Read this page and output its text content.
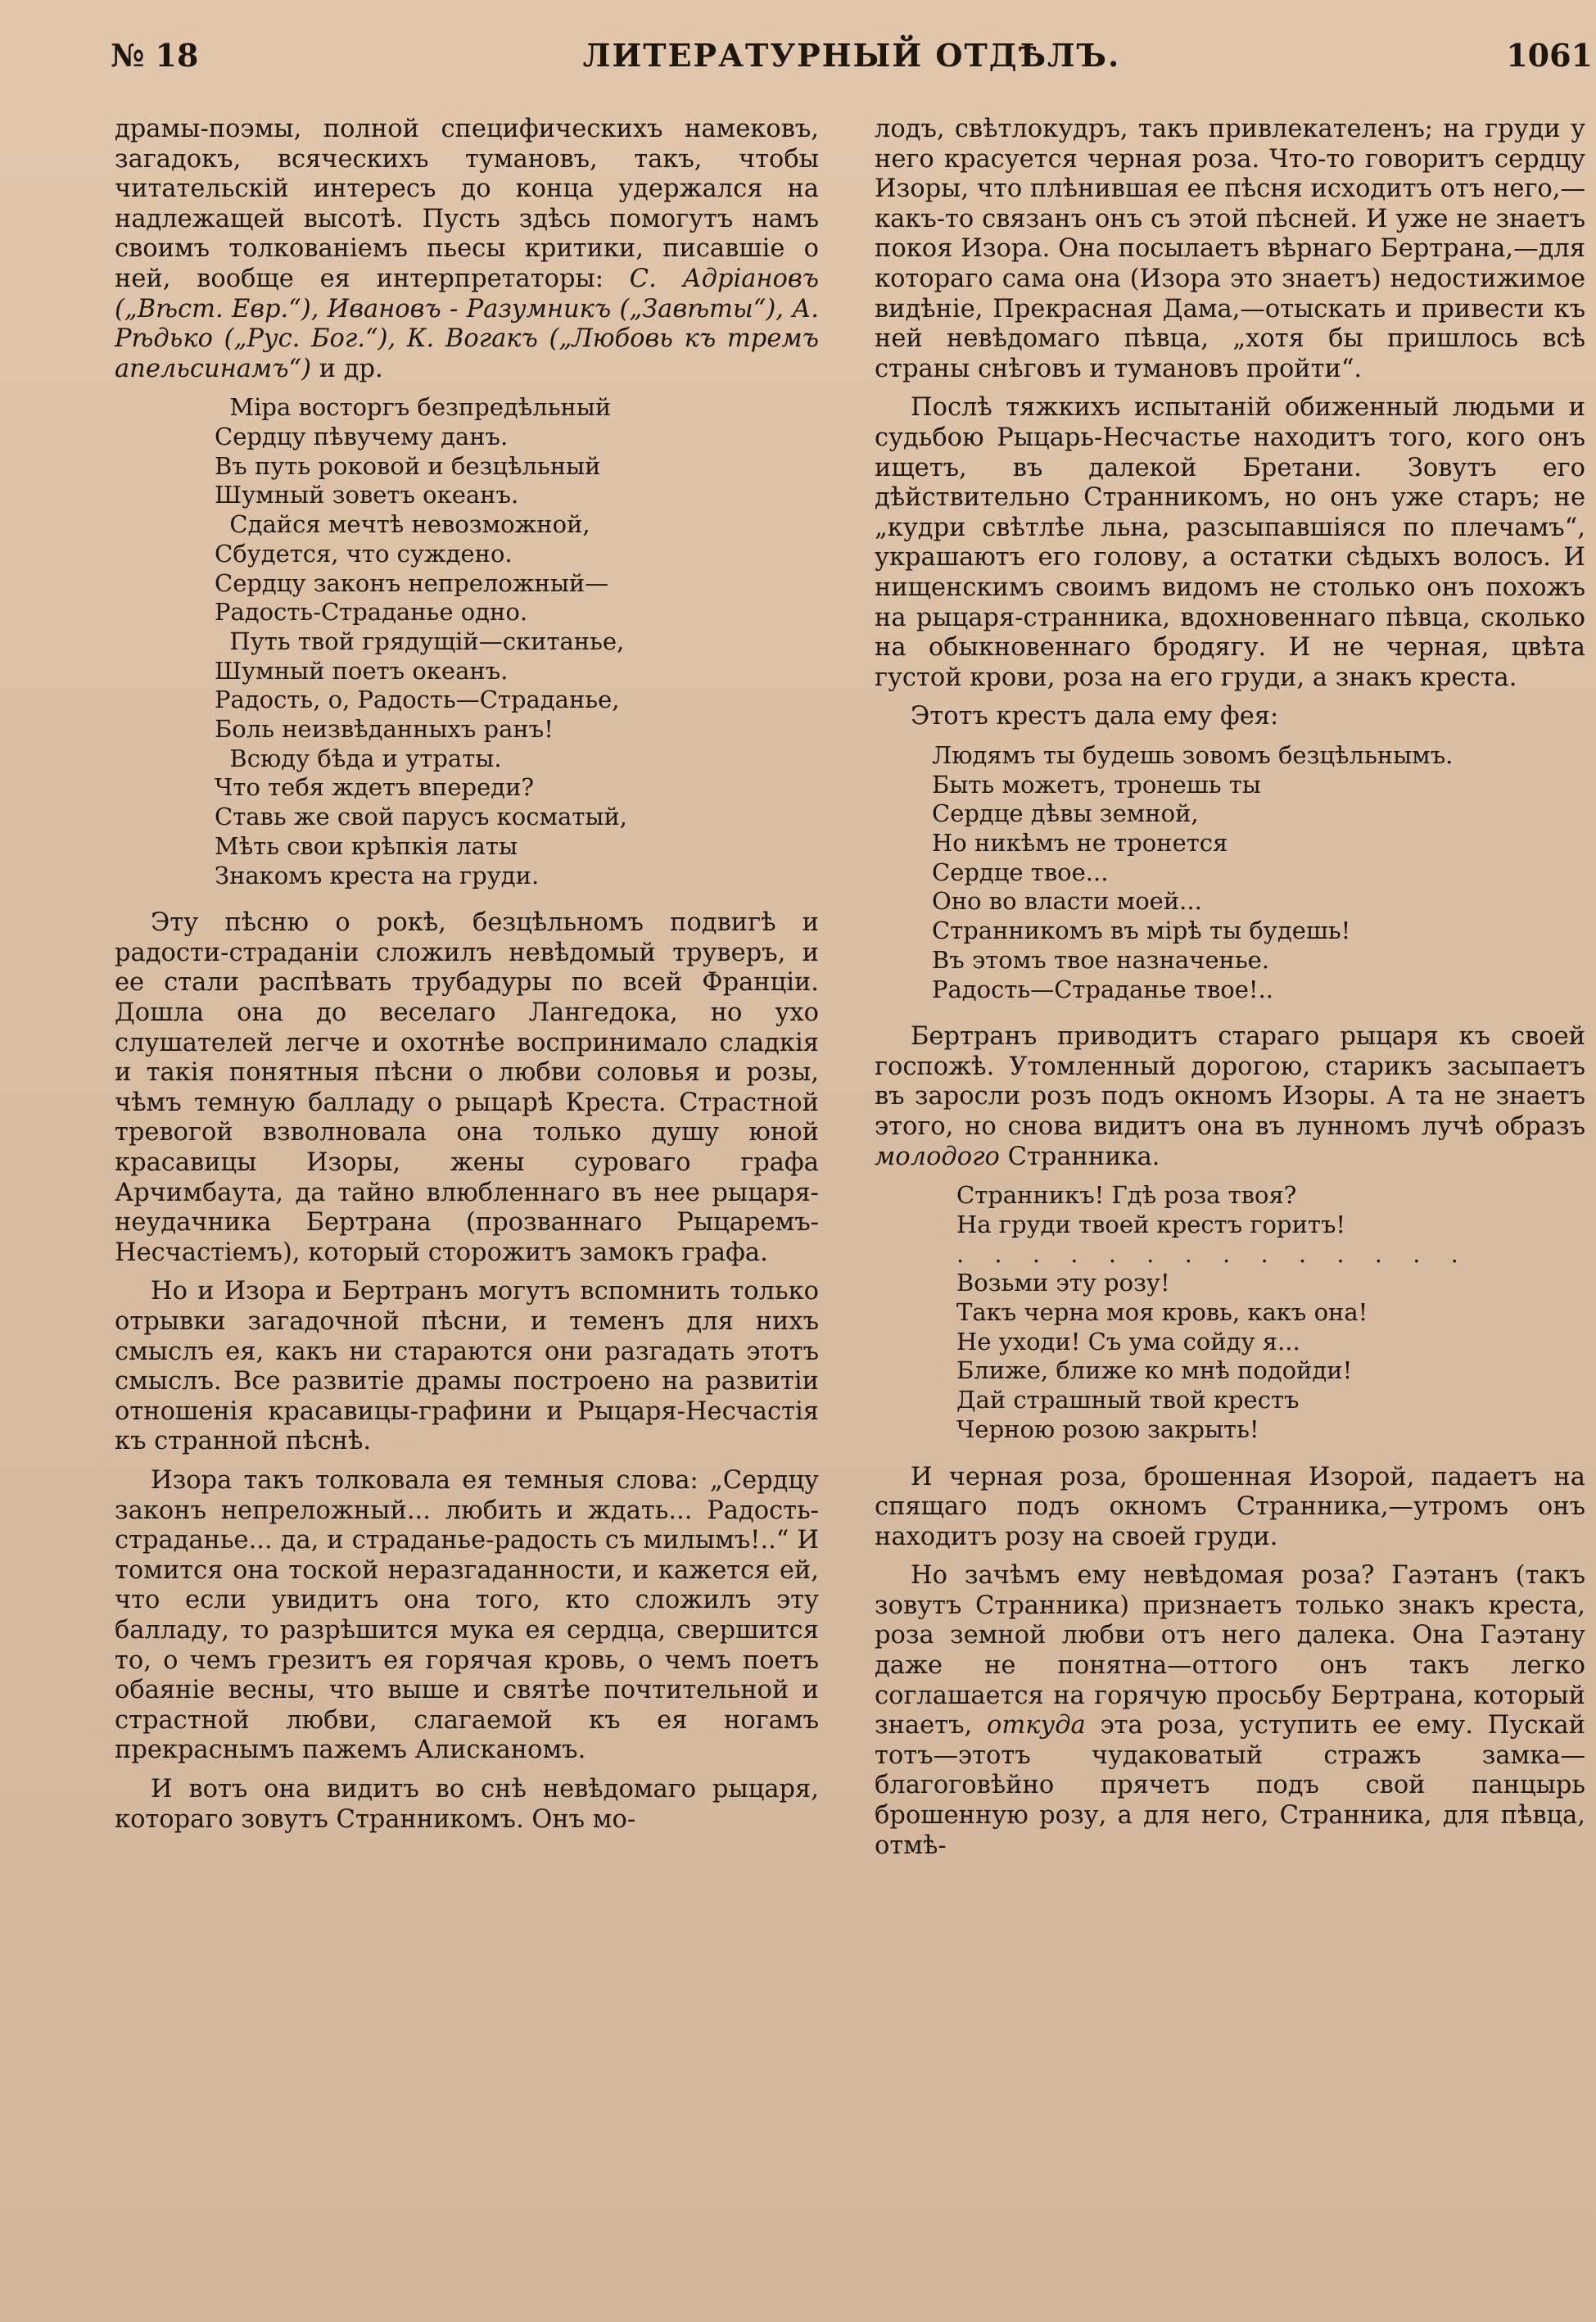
№ 18	ЛИТЕРАТУРНЫЙ ОТДѢЛЪ.	1061

драмы-поэмы, полной специфическихъ намековъ, загадокъ, всяческихъ тумановъ, такъ, чтобы читательскій интересъ до конца удержался на надлежащей высотѣ. Пусть здѣсь помогутъ намъ своимъ толкованіемъ пьесы критики, писавшіе о ней, вообще ея интерпретаторы: С. Адріановъ („Вѣст. Евр.“), Ивановъ - Разумникъ („Завѣты“), А. Рѣдько („Рус. Бог.“), К. Вогакъ („Любовь къ тремъ апельсинамъ“) и др.

Міра восторгъ безпредѣльный
Сердцу пѣвучему данъ.
Въ путь роковой и безцѣльный
Шумный зоветъ океанъ.
Сдайся мечтѣ невозможной,
Сбудется, что суждено.
Сердцу законъ непреложный—
Радость-Страданье одно.
Путь твой грядущій—скитанье,
Шумный поетъ океанъ.
Радость, о, Радость—Страданье,
Боль неизвѣданныхъ ранъ!
Всюду бѣда и утраты.
Что тебя ждетъ впереди?
Ставь же свой парусъ косматый,
Мѣть свои крѣпкія латы
Знакомъ креста на груди.

Эту пѣсню о рокѣ, безцѣльномъ подвигѣ и радости-страданіи сложилъ невѣдомый труверъ, и ее стали распѣвать трубадуры по всей Франціи. Дошла она до веселаго Лангедока, но ухо слушателей легче и охотнѣе воспринимало сладкія и такія понятныя пѣсни о любви соловья и розы, чѣмъ темную балладу о рыцарѣ Креста. Страстной тревогой взволновала она только душу юной красавицы Изоры, жены суроваго графа Арчимбаута, да тайно влюбленнаго въ нее рыцаря-неудачника Бертрана (прозваннаго Рыцаремъ-Несчастіемъ), который сторожитъ замокъ графа.

Но и Изора и Бертранъ могутъ вспомнить только отрывки загадочной пѣсни, и теменъ для нихъ смыслъ ея, какъ ни стараются они разгадать этотъ смыслъ. Все развитіе драмы построено на развитіи отношенія красавицы-графини и Рыцаря-Несчастія къ странной пѣснѣ.

Изора такъ толковала ея темныя слова: „Сердцу законъ непреложный... любить и ждать... Радость-страданье... да, и страданье-радость съ милымъ!..“ И томится она тоской неразгаданности, и кажется ей, что если увидитъ она того, кто сложилъ эту балладу, то разрѣшится мука ея сердца, свершится то, о чемъ грезитъ ея горячая кровь, о чемъ поетъ обаяніе весны, что выше и святѣе почтительной и страстной любви, слагаемой къ ея ногамъ прекраснымъ пажемъ Алисканомъ.

И вотъ она видитъ во снѣ невѣдомаго рыцаря, котораго зовутъ Странникомъ. Онъ мо-

лодъ, свѣтлокудръ, такъ привлекателенъ; на груди у него красуется черная роза. Что-то говоритъ сердцу Изоры, что плѣнившая ее пѣсня исходитъ отъ него,—какъ-то связанъ онъ съ этой пѣсней. И уже не знаетъ покоя Изора. Она посылаетъ вѣрнаго Бертрана,—для котораго сама она (Изора это знаетъ) недостижимое видѣніе, Прекрасная Дама,—отыскать и привести къ ней невѣдомаго пѣвца, „хотя бы пришлось всѣ страны снѣговъ и тумановъ пройти“.

Послѣ тяжкихъ испытаній обиженный людьми и судьбою Рыцарь-Несчастье находитъ того, кого онъ ищетъ, въ далекой Бретани. Зовутъ его дѣйствительно Странникомъ, но онъ уже старъ; не „кудри свѣтлѣе льна, разсыпавшіяся по плечамъ“, украшаютъ его голову, а остатки сѣдыхъ волосъ. И нищенскимъ своимъ видомъ не столько онъ похожъ на рыцаря-странника, вдохновеннаго пѣвца, сколько на обыкновеннаго бродягу. И не черная, цвѣта густой крови, роза на его груди, а знакъ креста.

Этотъ крестъ дала ему фея:

Людямъ ты будешь зовомъ безцѣльнымъ.
Быть можетъ, тронешь ты
Сердце дѣвы земной,
Но никѣмъ не тронется
Сердце твое...
Оно во власти моей...
Странникомъ въ мірѣ ты будешь!
Въ этомъ твое назначенье.
Радость—Страданье твое!..

Бертранъ приводитъ стараго рыцаря къ своей госпожѣ. Утомленный дорогою, старикъ засыпаетъ въ заросли розъ подъ окномъ Изоры. А та не знаетъ этого, но снова видитъ она въ лунномъ лучѣ образъ молодого Странника.

Странникъ! Гдѣ роза твоя?
На груди твоей крестъ горитъ!
. . . . . . . . . . . . . .
Возьми эту розу!
Такъ черна моя кровь, какъ она!
Не уходи! Съ ума сойду я...
Ближе, ближе ко мнѣ подойди!
Дай страшный твой крестъ
Черною розою закрыть!

И черная роза, брошенная Изорой, падаетъ на спящаго подъ окномъ Странника,—утромъ онъ находитъ розу на своей груди.

Но зачѣмъ ему невѣдомая роза? Гаэтанъ (такъ зовутъ Странника) признаетъ только знакъ креста, роза земной любви отъ него далека. Она Гаэтану даже не понятна—оттого онъ такъ легко соглашается на горячую просьбу Бертрана, который знаетъ, откуда эта роза, уступить ее ему. Пускай тотъ—этотъ чудаковатый стражъ замка—благоговѣйно прячетъ подъ свой панцырь брошенную розу, а для него, Странника, для пѣвца, отмѣ-
